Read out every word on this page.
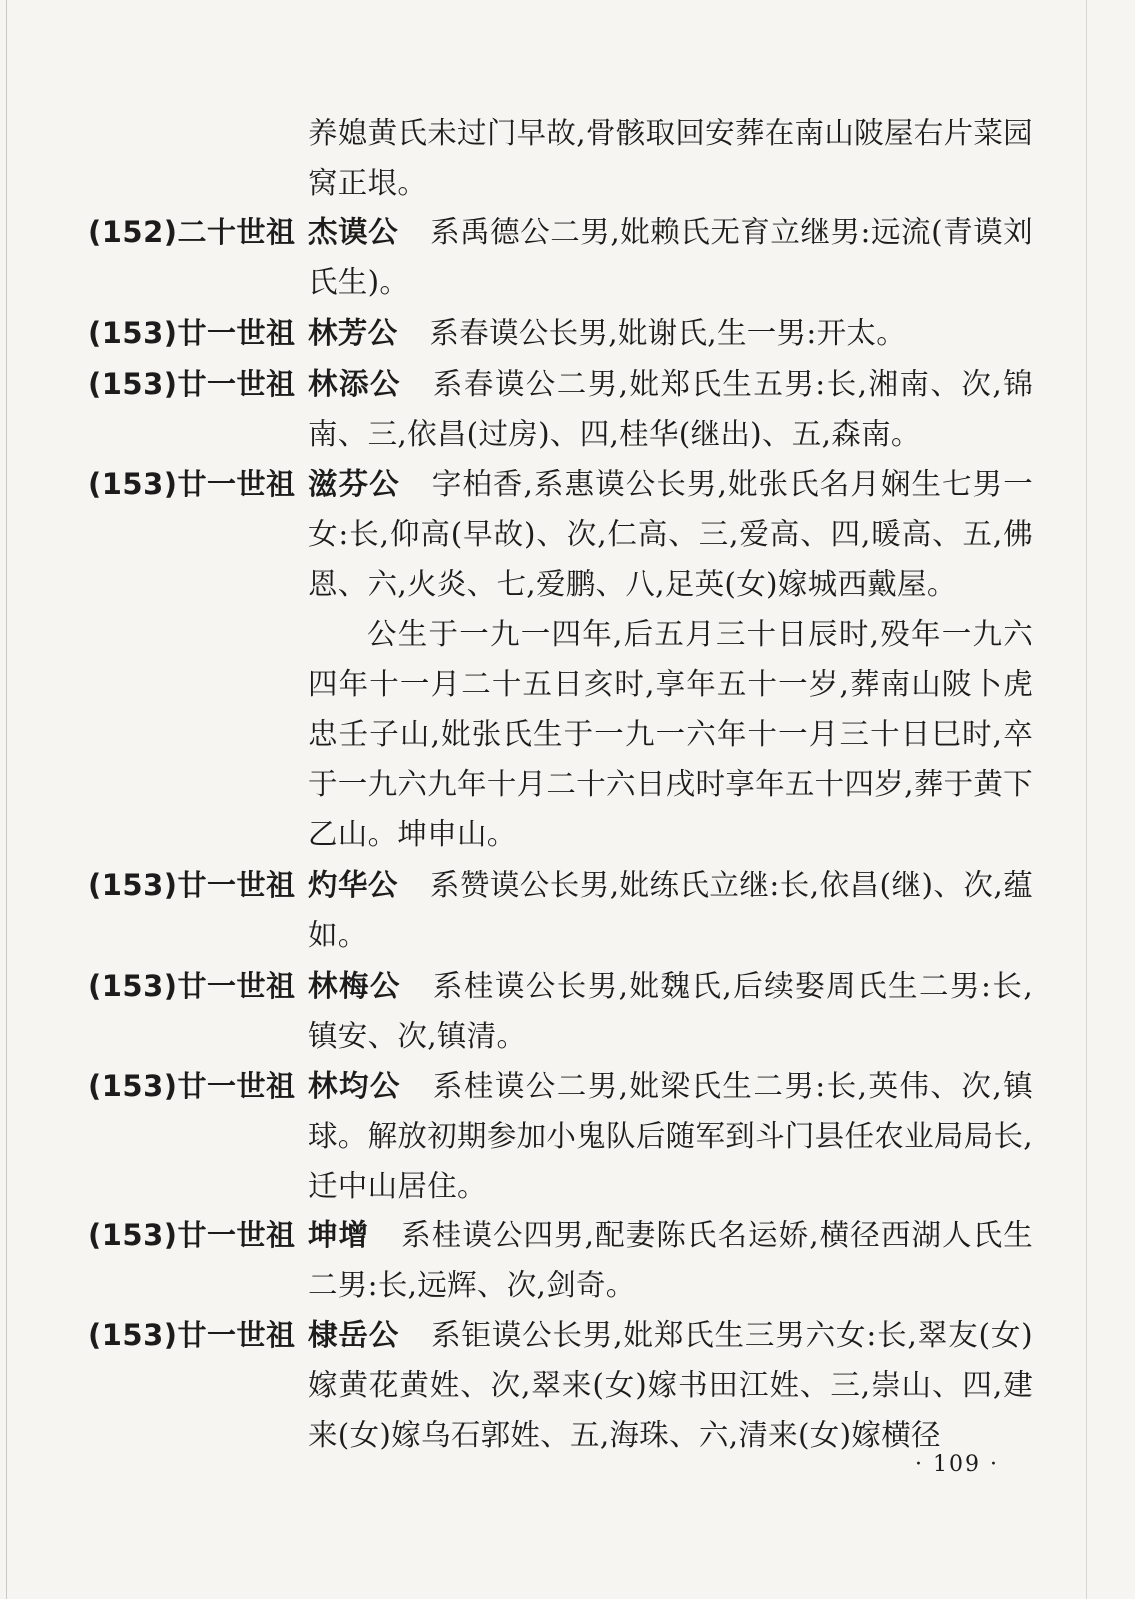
养媳黄氏未过门早故,骨骸取回安葬在南山陂屋右片菜园窝正垠。
(152)二十世祖 杰谟公 系禹德公二男,妣赖氏无育立继男:远流(青谟刘氏生)。
(153)廿一世祖 林芳公 系春谟公长男,妣谢氏,生一男:开太。
(153)廿一世祖 林添公 系春谟公二男,妣郑氏生五男:长,湘南、次,锦南、三,依昌(过房)、四,桂华(继出)、五,森南。
(153)廿一世祖 滋芬公 字柏香,系惠谟公长男,妣张氏名月娴生七男一女:长,仰高(早故)、次,仁高、三,爱高、四,暖高、五,佛恩、六,火炎、七,爱鹏、八,足英(女)嫁城西戴屋。
公生于一九一四年,后五月三十日辰时,殁年一九六四年十一月二十五日亥时,享年五十一岁,葬南山陂卜虎忠壬子山,妣张氏生于一九一六年十一月三十日巳时,卒于一九六九年十月二十六日戌时享年五十四岁,葬于黄下乙山。坤申山。
(153)廿一世祖 灼华公 系赞谟公长男,妣练氏立继:长,依昌(继)、次,蕴如。
(153)廿一世祖 林梅公 系桂谟公长男,妣魏氏,后续娶周氏生二男:长,镇安、次,镇清。
(153)廿一世祖 林均公 系桂谟公二男,妣梁氏生二男:长,英伟、次,镇球。解放初期参加小鬼队后随军到斗门县任农业局局长,迁中山居住。
(153)廿一世祖 坤增 系桂谟公四男,配妻陈氏名运娇,横径西湖人氏生二男:长,远辉、次,剑奇。
(153)廿一世祖 棣岳公 系钜谟公长男,妣郑氏生三男六女:长,翠友(女)嫁黄花黄姓、次,翠来(女)嫁书田江姓、三,崇山、四,建来(女)嫁乌石郭姓、五,海珠、六,清来(女)嫁横径
· 109 ·
